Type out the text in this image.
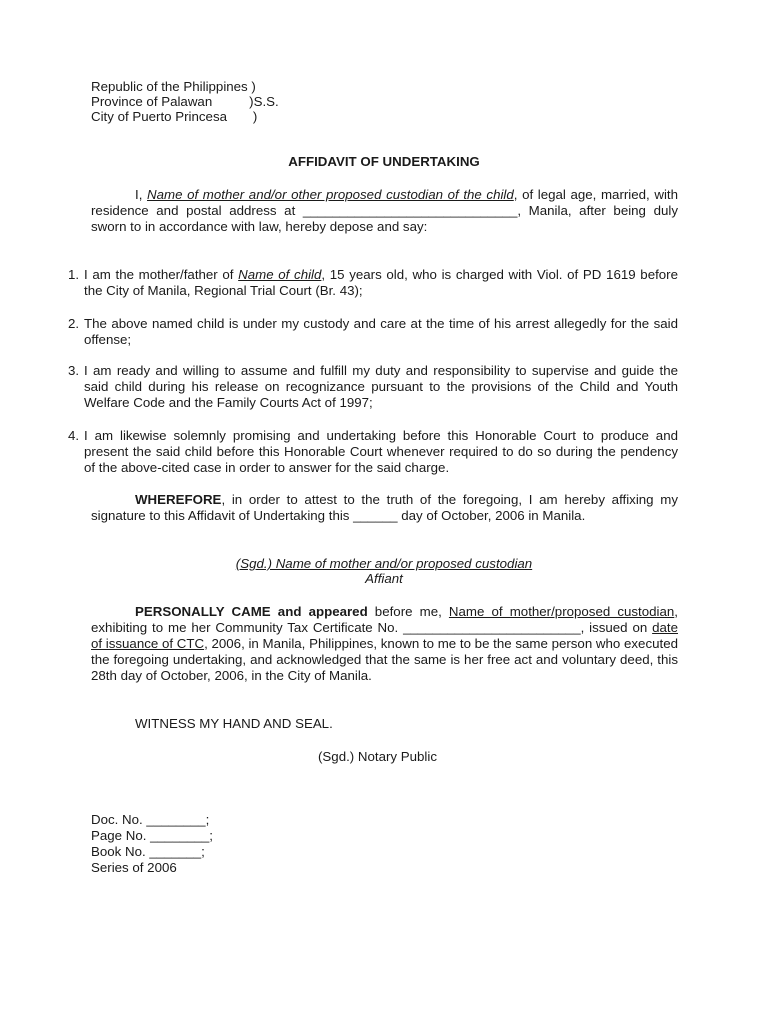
Republic of the Philippines )
Province of Palawan          )S.S.
City of Puerto Princesa       )
AFFIDAVIT OF UNDERTAKING
I, Name of mother and/or other proposed custodian of the child, of legal age, married, with residence and postal address at _____________________________, Manila, after being duly sworn to in accordance with law, hereby depose and say:
1. I am the mother/father of Name of child, 15 years old, who is charged with Viol. of PD 1619 before the City of Manila, Regional Trial Court (Br. 43);
2. The above named child is under my custody and care at the time of his arrest allegedly for the said offense;
3. I am ready and willing to assume and fulfill my duty and responsibility to supervise and guide the said child during his release on recognizance pursuant to the provisions of the Child and Youth Welfare Code and the Family Courts Act of 1997;
4. I am likewise solemnly promising and undertaking before this Honorable Court to produce and present the said child before this Honorable Court whenever required to do so during the pendency of the above-cited case in order to answer for the said charge.
WHEREFORE, in order to attest to the truth of the foregoing, I am hereby affixing my signature to this Affidavit of Undertaking this ______ day of October, 2006 in Manila.
(Sgd.) Name of mother and/or proposed custodian
Affiant
PERSONALLY CAME and appeared before me, Name of mother/proposed custodian, exhibiting to me her Community Tax Certificate No. ________________________, issued on date of issuance of CTC, 2006, in Manila, Philippines, known to me to be the same person who executed the foregoing undertaking, and acknowledged that the same is her free act and voluntary deed, this 28th day of October, 2006, in the City of Manila.
WITNESS MY HAND AND SEAL.
(Sgd.) Notary Public
Doc. No. ________;
Page No. ________;
Book No. _______;
Series of 2006
